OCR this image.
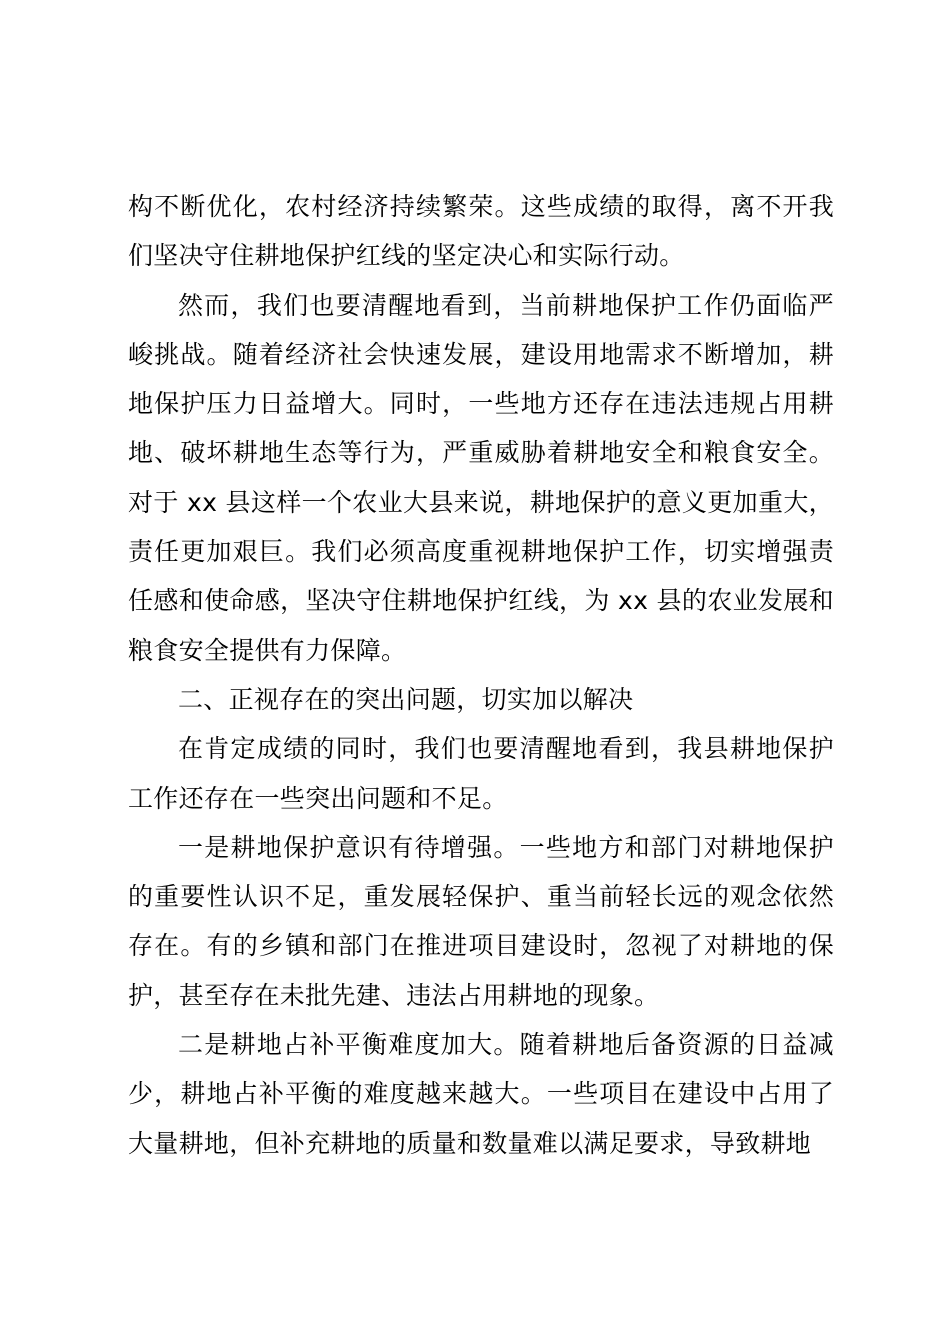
构不断优化，农村经济持续繁荣。这些成绩的取得，离不开我们坚决守住耕地保护红线的坚定决心和实际行动。

然而，我们也要清醒地看到，当前耕地保护工作仍面临严峻挑战。随着经济社会快速发展，建设用地需求不断增加，耕地保护压力日益增大。同时，一些地方还存在违法违规占用耕地、破坏耕地生态等行为，严重威胁着耕地安全和粮食安全。对于 xx 县这样一个农业大县来说，耕地保护的意义更加重大，责任更加艰巨。我们必须高度重视耕地保护工作，切实增强责任感和使命感，坚决守住耕地保护红线，为 xx 县的农业发展和粮食安全提供有力保障。

二、正视存在的突出问题，切实加以解决

在肯定成绩的同时，我们也要清醒地看到，我县耕地保护工作还存在一些突出问题和不足。

一是耕地保护意识有待增强。一些地方和部门对耕地保护的重要性认识不足，重发展轻保护、重当前轻长远的观念依然存在。有的乡镇和部门在推进项目建设时，忽视了对耕地的保护，甚至存在未批先建、违法占用耕地的现象。

二是耕地占补平衡难度加大。随着耕地后备资源的日益减少，耕地占补平衡的难度越来越大。一些项目在建设中占用了大量耕地，但补充耕地的质量和数量难以满足要求，导致耕地
